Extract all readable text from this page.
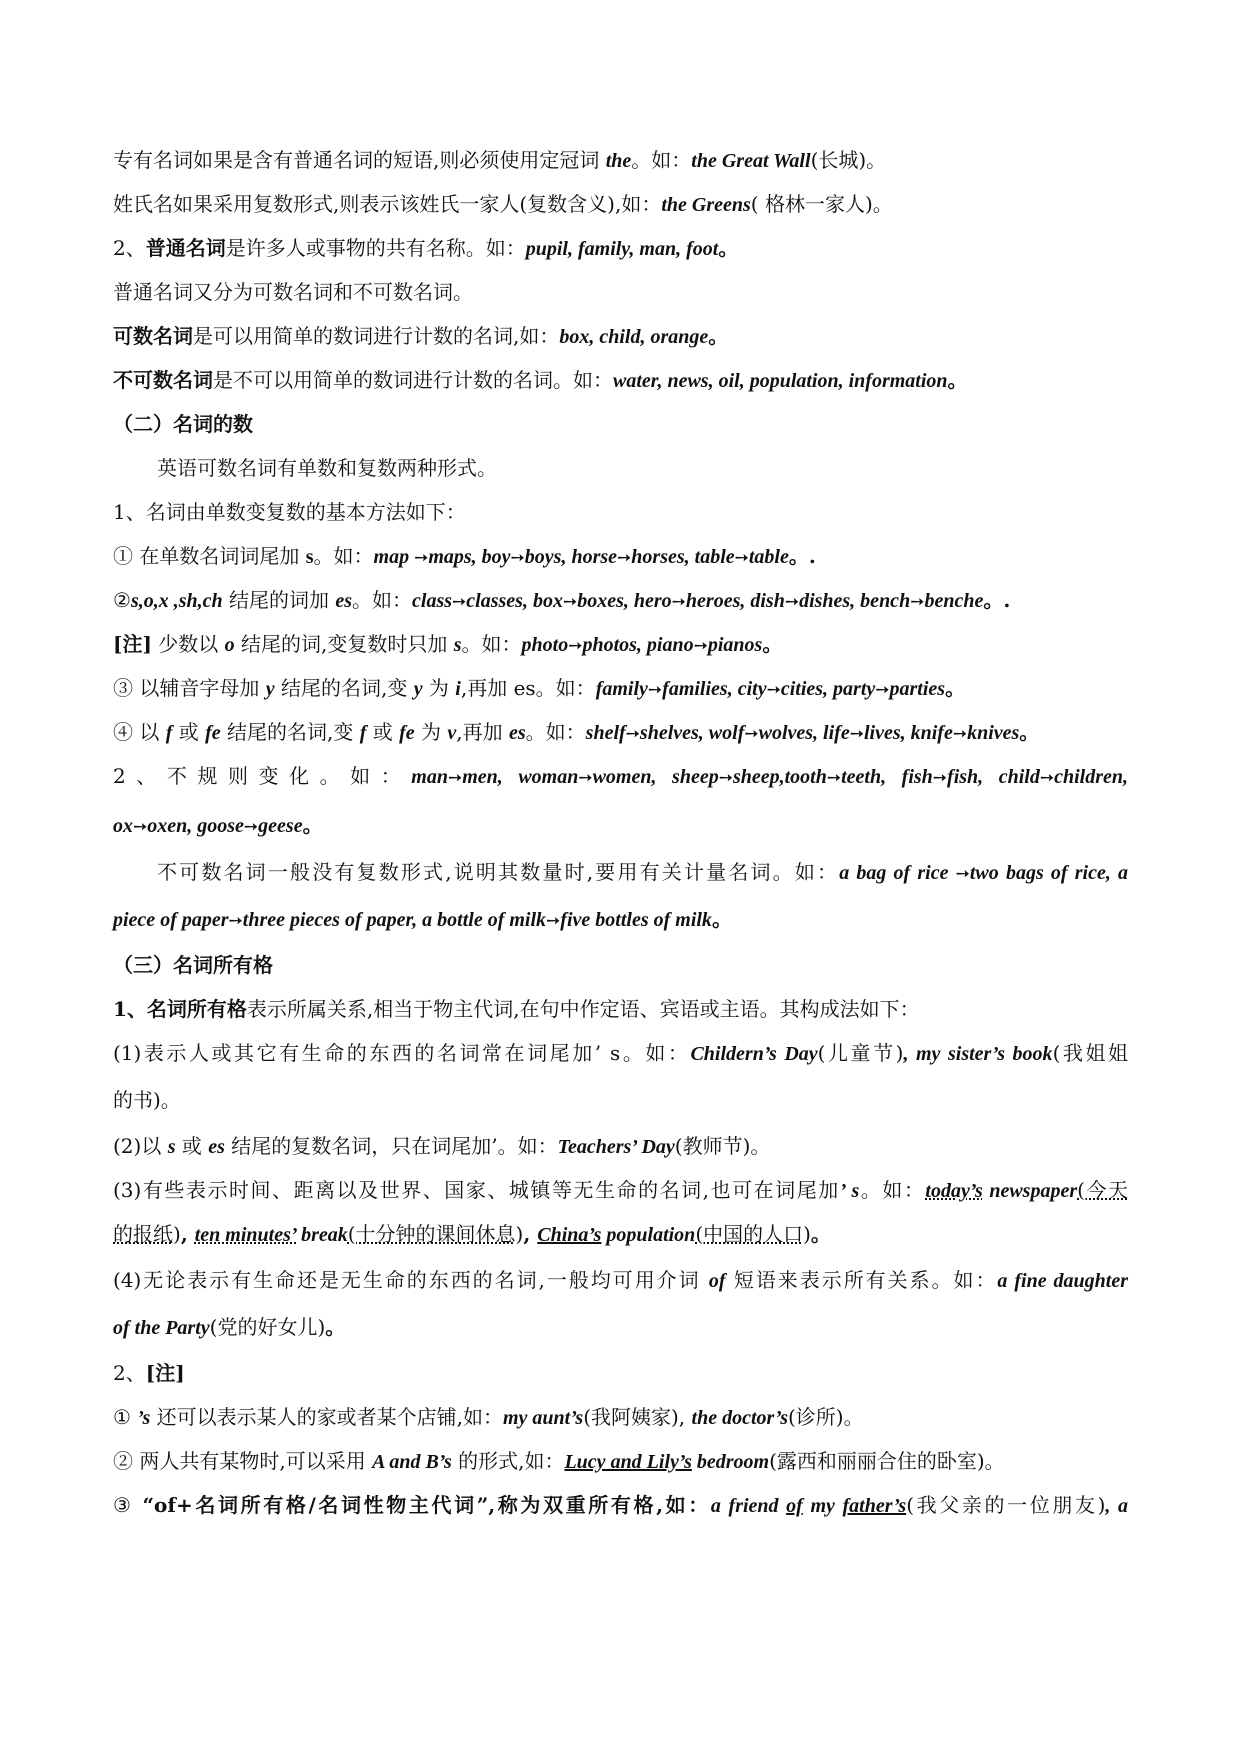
专有名词如果是含有普通名词的短语,则必须使用定冠词 the。如：the Great Wall(长城)。
姓氏名如果采用复数形式,则表示该姓氏一家人(复数含义),如：the Greens( 格林一家人)。
2、普通名词是许多人或事物的共有名称。如：pupil, family, man, foot。
普通名词又分为可数名词和不可数名词。
可数名词是可以用简单的数词进行计数的名词,如：box, child, orange。
不可数名词是不可以用简单的数词进行计数的名词。如：water, news, oil, population, information。
（二）名词的数
英语可数名词有单数和复数两种形式。
1、名词由单数变复数的基本方法如下：
① 在单数名词词尾加 s。如：map ➙maps, boy➙boys, horse➙horses, table➙table。.
②s,o,x ,sh,ch 结尾的词加 es。如：class➙classes, box➙boxes, hero➙heroes, dish➙dishes, bench➙benche。.
[注] 少数以 o 结尾的词,变复数时只加 s。如：photo➙photos, piano➙pianos。
③ 以辅音字母加 y 结尾的名词,变 y 为 i,再加 es。如：family➙families, city➙cities, party➙parties。
④ 以 f 或 fe 结尾的名词,变 f 或 fe 为 v,再加 es。如：shelf➙shelves, wolf➙wolves, life➙lives, knife➙knives。
2、不规则变化。如：man➙men, woman➙women, sheep➙sheep,tooth➙teeth, fish➙fish, child➙children,
ox➙oxen, goose➙geese。
不可数名词一般没有复数形式,说明其数量时,要用有关计量名词。如：a bag of rice ➙two bags of rice, a
piece of paper➙three pieces of paper, a bottle of milk➙five bottles of milk。
（三）名词所有格
1、名词所有格表示所属关系,相当于物主代词,在句中作定语、宾语或主语。其构成法如下：
(1)表示人或其它有生命的东西的名词常在词尾加’ s。如：Childern’s Day(儿童节), my sister’s book(我姐姐
的书)。
(2)以 s 或 es 结尾的复数名词，只在词尾加’。如：Teachers’ Day(教师节)。
(3)有些表示时间、距离以及世界、国家、城镇等无生命的名词,也可在词尾加’ s。如：today’s newspaper(今天
的报纸), ten minutes’ break(十分钟的课间休息), China’s population(中国的人口)。
(4)无论表示有生命还是无生命的东西的名词,一般均可用介词 of 短语来表示所有关系。如：a fine daughter
of the Party(党的好女儿)。
2、[注]
① ’s 还可以表示某人的家或者某个店铺,如：my aunt’s(我阿姨家), the doctor’s(诊所)。
② 两人共有某物时,可以采用 A and B’s 的形式,如：Lucy and Lily’s bedroom(露西和丽丽合住的卧室)。
③ “of+名词所有格/名词性物主代词”,称为双重所有格,如：a friend of my father’s(我父亲的一位朋友), a
